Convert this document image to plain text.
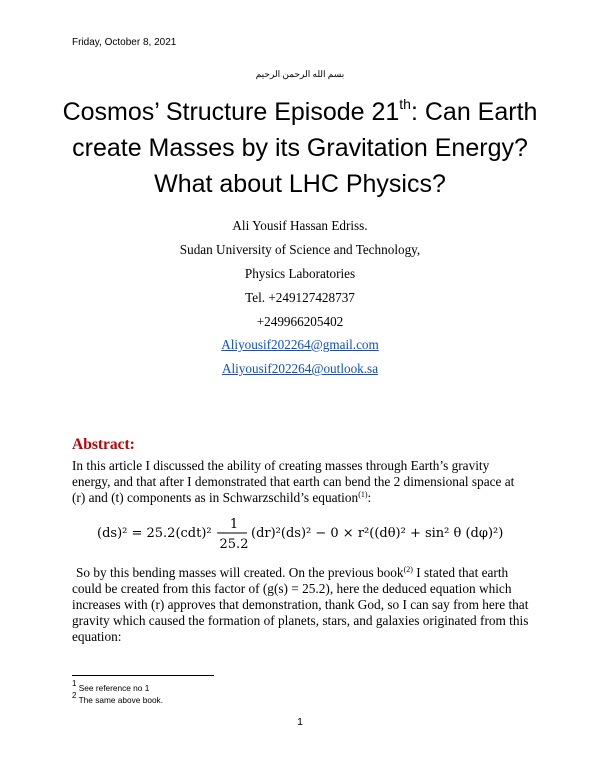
Friday, October 8, 2021
بسم الله الرحمن الرحيم
Cosmos’ Structure Episode 21th: Can Earth
create Masses by its Gravitation Energy?
What about LHC Physics?
Ali Yousif Hassan Edriss.
Sudan University of Science and Technology,
Physics Laboratories
Tel. +249127428737
+249966205402
Aliyousif202264@gmail.com
Aliyousif202264@outlook.sa
Abstract:
In this article I discussed the ability of creating masses through Earth’s gravity energy, and that after I demonstrated that earth can bend the 2 dimensional space at (r) and (t) components as in Schwarzschild’s equation$^{(1)}$:
(ds)² = 25.2(cdt)² −
1
25.2
(dr)²(ds)² − 0 × r²((dθ)² + sin² θ (dφ)²)
So by this bending masses will created. On the previous book$^{(2)}$ I stated that earth could be created from this factor of (g(s) = 25.2), here the deduced equation which increases with (r) approves that demonstration, thank God, so I can say from here that gravity which caused the formation of planets, stars, and galaxies originated from this equation:
$^1$ See reference no 1
$^2$ The same above book.
1
